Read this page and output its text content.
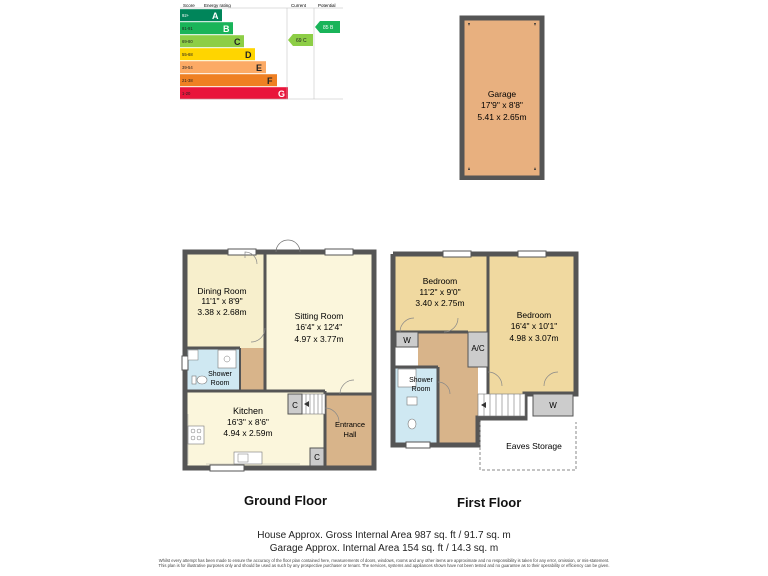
Score Energy rating	Current	Potential
92+	A
81-91	B
69-80	C
55-68	D
39-54	E
21-38	F
1-20	G
69 C
85 B
Garage
17'9" x 8'8"
5.41 x 2.65m
C
C
Dining Room
11'1" x 8'9"
3.38 x 2.68m	Sitting Room
16'4" x 12'4"
4.97 x 3.77m
Shower
Room
Kitchen
16'3" x 8'6"
4.94 x 2.59m
Entrance
Hall
W
A/C
W
Bedroom
11'2" x 9'0"
3.40 x 2.75m
Bedroom
16'4" x 10'1"
4.98 x 3.07m
Shower
Room
Eaves Storage
Ground Floor	First Floor
House Approx. Gross Internal Area 987 sq. ft / 91.7 sq. m
Garage Approx. Internal Area 154 sq. ft / 14.3 sq. m
Whilst every attempt has been made to ensure the accuracy of the floor plan contained here, measurements of doors, windows, rooms and any other items are approximate and no responsibility is taken for any error, omission, or mis-statement. This plan is for illustrative purposes only and should be used as such by any prospective purchaser or tenant. The services, systems and appliances shown have not been tested and no guarantee as to their operability or efficiency can be given.
